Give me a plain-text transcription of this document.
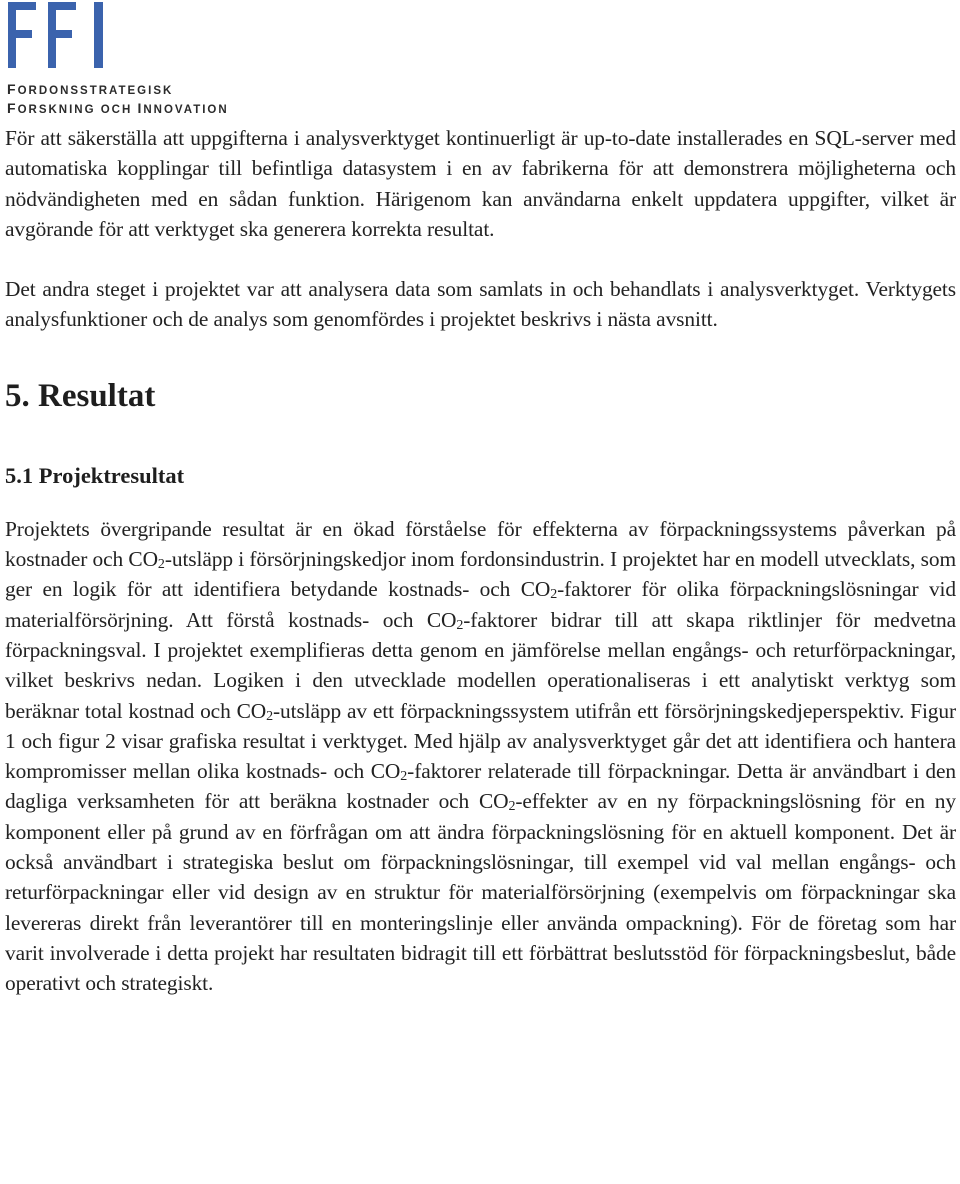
FORDONSSTRATEGISK
FORSKNING OCH INNOVATION

För att säkerställa att uppgifterna i analysverktyget kontinuerligt är up-to-date installerades en SQL-server med automatiska kopplingar till befintliga datasystem i en av fabrikerna för att demonstrera möjligheterna och nödvändigheten med en sådan funktion. Härigenom kan användarna enkelt uppdatera uppgifter, vilket är avgörande för att verktyget ska generera korrekta resultat.

Det andra steget i projektet var att analysera data som samlats in och behandlats i analysverktyget. Verktygets analysfunktioner och de analys som genomfördes i projektet beskrivs i nästa avsnitt.

5. Resultat
5.1 Projektresultat

Projektets övergripande resultat är en ökad förståelse för effekterna av förpackningssystems påverkan på kostnader och $CO_2$-utsläpp i försörjningskedjor inom fordonsindustrin. I projektet har en modell utvecklats, som ger en logik för att identifiera betydande kostnads- och $CO_2$-faktorer för olika förpackningslösningar vid materialförsörjning. Att förstå kostnads- och $CO_2$-faktorer bidrar till att skapa riktlinjer för medvetna förpackningsval. I projektet exemplifieras detta genom en jämförelse mellan engångs- och returförpackningar, vilket beskrivs nedan. Logiken i den utvecklade modellen operationaliseras i ett analytiskt verktyg som beräknar total kostnad och $CO_2$-utsläpp av ett förpackningssystem utifrån ett försörjningskedjeperspektiv. Figur 1 och figur 2 visar grafiska resultat i verktyget. Med hjälp av analysverktyget går det att identifiera och hantera kompromisser mellan olika kostnads- och $CO_2$-faktorer relaterade till förpackningar. Detta är användbart i den dagliga verksamheten för att beräkna kostnader och $CO_2$-effekter av en ny förpackningslösning för en ny komponent eller på grund av en förfrågan om att ändra förpackningslösning för en aktuell komponent. Det är också användbart i strategiska beslut om förpackningslösningar, till exempel vid val mellan engångs- och returförpackningar eller vid design av en struktur för materialförsörjning (exempelvis om förpackningar ska levereras direkt från leverantörer till en monteringslinje eller använda ompackning). För de företag som har varit involverade i detta projekt har resultaten bidragit till ett förbättrat beslutsstöd för förpackningsbeslut, både operativt och strategiskt.
